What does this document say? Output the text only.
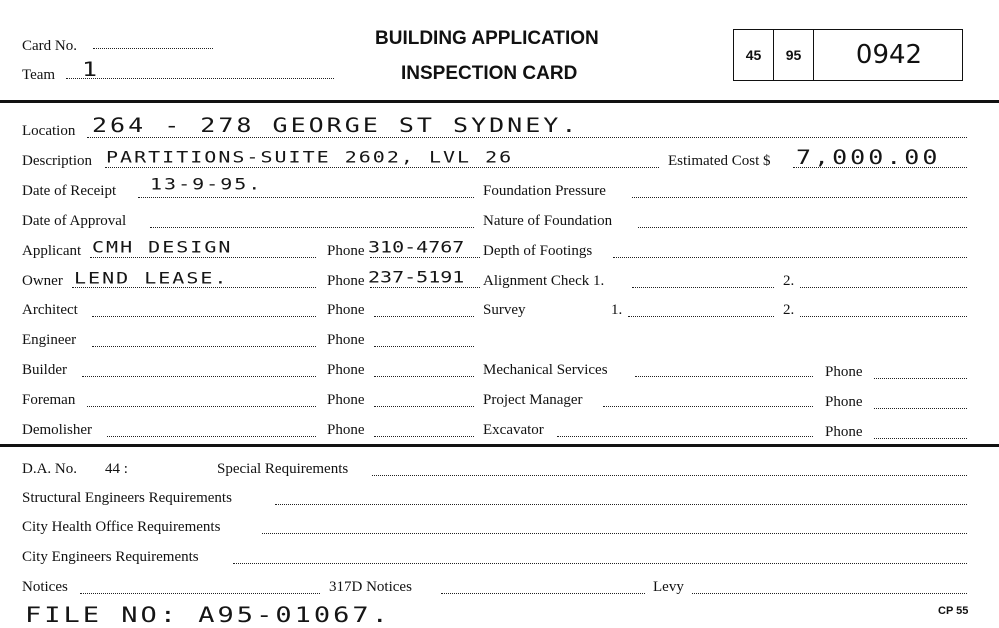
Card No.
Team 1
BUILDING APPLICATION
INSPECTION CARD
45	95	0942
Location 264 - 278 GEORGE ST SYDNEY.
Description PARTITIONS-SUITE 2602, LVL 26	Estimated Cost $ 7,000.00
Date of Receipt 13-9-95.	Foundation Pressure
Date of Approval	Nature of Foundation
Applicant CMH DESIGN	Phone 310-4767 Depth of Footings
Owner LEND LEASE.	Phone 237-5191 Alignment Check 1.	2.
Architect	Phone	Survey	1.	2.
Engineer	Phone
Builder	Phone	Mechanical Services	Phone
Foreman	Phone	Project Manager	Phone
Demolisher	Phone	Excavator	Phone
D.A. No. 44 :	Special Requirements
Structural Engineers Requirements
City Health Office Requirements
City Engineers Requirements
Notices	317D Notices	Levy
FILE NO: A95-01067.	CP 55
